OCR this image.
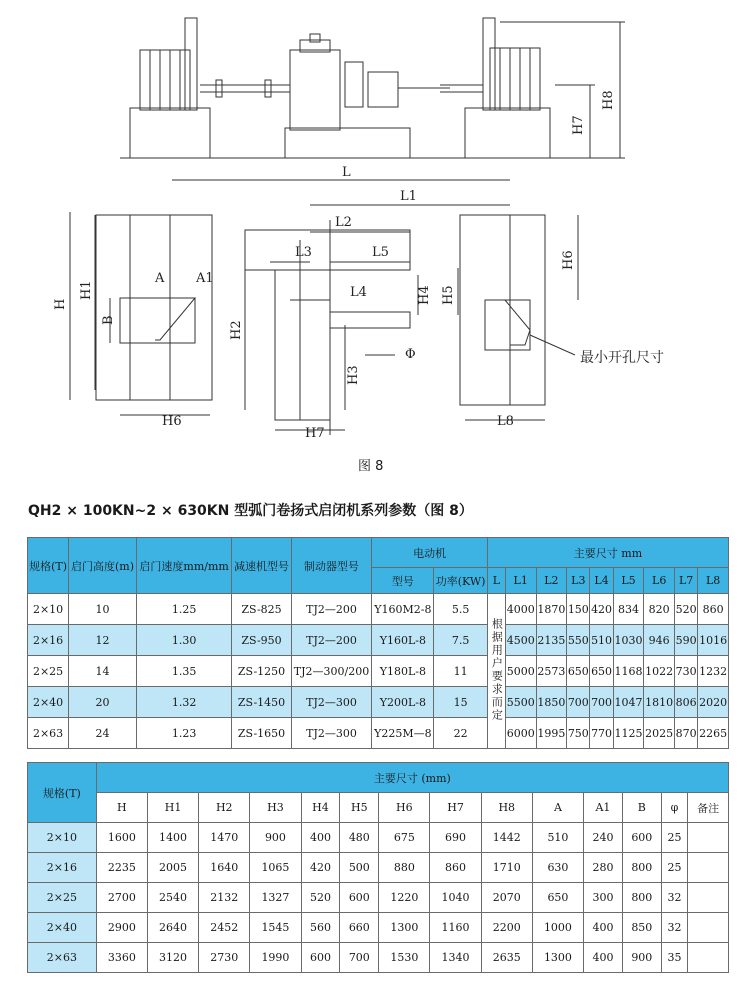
L
L1
L2
L3	L5
L4
H
H1
A A1
B
H2
H3
H4 H5
H6
H6
H7
H7
H8
L8
Φ	最小开孔尺寸
图 8
QH2 × 100KN~2 × 630KN 型弧门卷扬式启闭机系列参数（图 8）
规格(T)	启门高度(m)	启门速度mm/mm	减速机型号	制动器型号	电动机		主要尺寸 mm								
					型号	功率(KW)	L	L1	L2	L3	L4	L5	L6	L7	L8
2×10	10	1.25	ZS-825	TJ2—200	Y160M2-8	5.5	根据用户要求而定	4000	1870	150	420	834	820	520	860
2×16	12	1.30	ZS-950	TJ2—200	Y160L-8	7.5		4500	2135	550	510	1030	946	590	1016
2×25	14	1.35	ZS-1250	TJ2—300/200	Y180L-8	11		5000	2573	650	650	1168	1022	730	1232
2×40	20	1.32	ZS-1450	TJ2—300	Y200L-8	15		5500	1850	700	700	1047	1810	806	2020
2×63	24	1.23	ZS-1650	TJ2—300	Y225M—8	22		6000	1995	750	770	1125	2025	870	2265
规格(T)	主要尺寸 (mm)													
	H	H1	H2	H3	H4	H5	H6	H7	H8	A	A1	B	φ	备注
2×10	1600	1400	1470	900	400	480	675	690	1442	510	240	600	25	
2×16	2235	2005	1640	1065	420	500	880	860	1710	630	280	800	25	
2×25	2700	2540	2132	1327	520	600	1220	1040	2070	650	300	800	32	
2×40	2900	2640	2452	1545	560	660	1300	1160	2200	1000	400	850	32	
2×63	3360	3120	2730	1990	600	700	1530	1340	2635	1300	400	900	35	
